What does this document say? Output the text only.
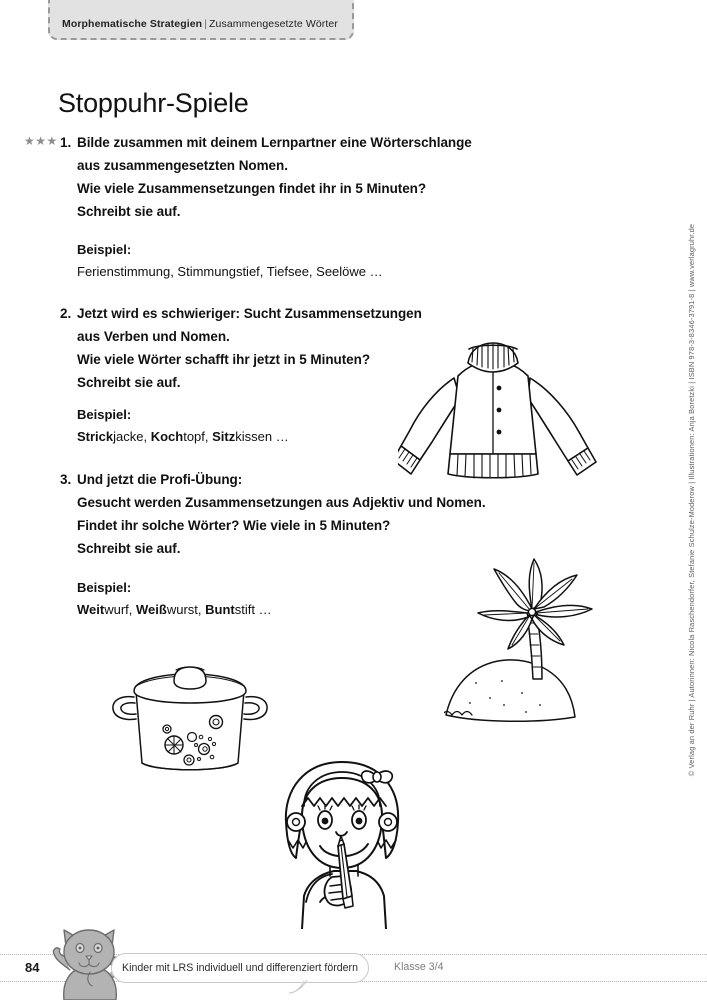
Morphematische Strategien | Zusammengesetzte Wörter
Stoppuhr-Spiele
★★★ 1. Bilde zusammen mit deinem Lernpartner eine Wörterschlange
aus zusammengesetzten Nomen.
Wie viele Zusammensetzungen findet ihr in 5 Minuten?
Schreibt sie auf.
Beispiel:
Ferienstimmung, Stimmungstief, Tiefsee, Seelöwe …
2. Jetzt wird es schwieriger: Sucht Zusammensetzungen
aus Verben und Nomen.
Wie viele Wörter schafft ihr jetzt in 5 Minuten?
Schreibt sie auf.
Beispiel:
Strickjacke, Kochtopf, Sitzkissen …
3. Und jetzt die Profi-Übung:
Gesucht werden Zusammensetzungen aus Adjektiv und Nomen.
Findet ihr solche Wörter? Wie viele in 5 Minuten?
Schreibt sie auf.
Beispiel:
Weitwurf, Weißwurst, Buntstift …	© Verlag an der Ruhr | Autorinnen: Nicola Raschendorfer, Stefanie Schulze-Moderow | Illustrationen: Anja Boretzki | ISBN 978-3-8346-3791-8 | www.verlagruhr.de
84	Kinder mit LRS individuell und differenziert fördern	Klasse 3/4
